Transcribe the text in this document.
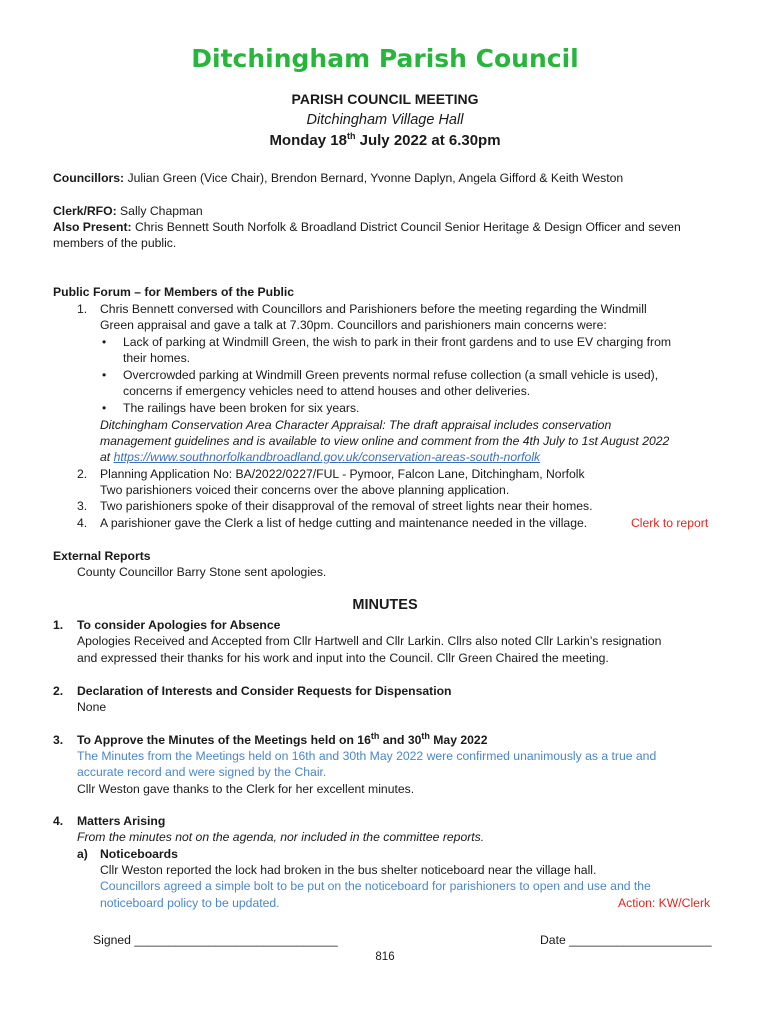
Ditchingham Parish Council
PARISH COUNCIL MEETING
Ditchingham Village Hall
Monday 18th July 2022 at 6.30pm
Councillors: Julian Green (Vice Chair), Brendon Bernard, Yvonne Daplyn, Angela Gifford & Keith Weston
Clerk/RFO: Sally Chapman
Also Present: Chris Bennett South Norfolk & Broadland District Council Senior Heritage & Design Officer and seven
members of the public.
Public Forum – for Members of the Public
1. Chris Bennett conversed with Councillors and Parishioners before the meeting regarding the Windmill
Green appraisal and gave a talk at 7.30pm. Councillors and parishioners main concerns were:
• Lack of parking at Windmill Green, the wish to park in their front gardens and to use EV charging from
their homes.
• Overcrowded parking at Windmill Green prevents normal refuse collection (a small vehicle is used),
concerns if emergency vehicles need to attend houses and other deliveries.
• The railings have been broken for six years.
Ditchingham Conservation Area Character Appraisal: The draft appraisal includes conservation
management guidelines and is available to view online and comment from the 4th July to 1st August 2022
at https://www.southnorfolkandbroadland.gov.uk/conservation-areas-south-norfolk
2. Planning Application No: BA/2022/0227/FUL - Pymoor, Falcon Lane, Ditchingham, Norfolk
Two parishioners voiced their concerns over the above planning application.
3. Two parishioners spoke of their disapproval of the removal of street lights near their homes.
4. A parishioner gave the Clerk a list of hedge cutting and maintenance needed in the village.	Clerk to report
External Reports
County Councillor Barry Stone sent apologies.
MINUTES
1. To consider Apologies for Absence
Apologies Received and Accepted from Cllr Hartwell and Cllr Larkin. Cllrs also noted Cllr Larkin’s resignation
and expressed their thanks for his work and input into the Council. Cllr Green Chaired the meeting.
2. Declaration of Interests and Consider Requests for Dispensation
None
3. To Approve the Minutes of the Meetings held on 16th and 30th May 2022
The Minutes from the Meetings held on 16th and 30th May 2022 were confirmed unanimously as a true and
accurate record and were signed by the Chair.
Cllr Weston gave thanks to the Clerk for her excellent minutes.
4. Matters Arising
From the minutes not on the agenda, nor included in the committee reports.
a) Noticeboards
Cllr Weston reported the lock had broken in the bus shelter noticeboard near the village hall.
Councillors agreed a simple bolt to be put on the noticeboard for parishioners to open and use and the
noticeboard policy to be updated.	Action: KW/Clerk
Signed ______________________________	Date _____________________
816
